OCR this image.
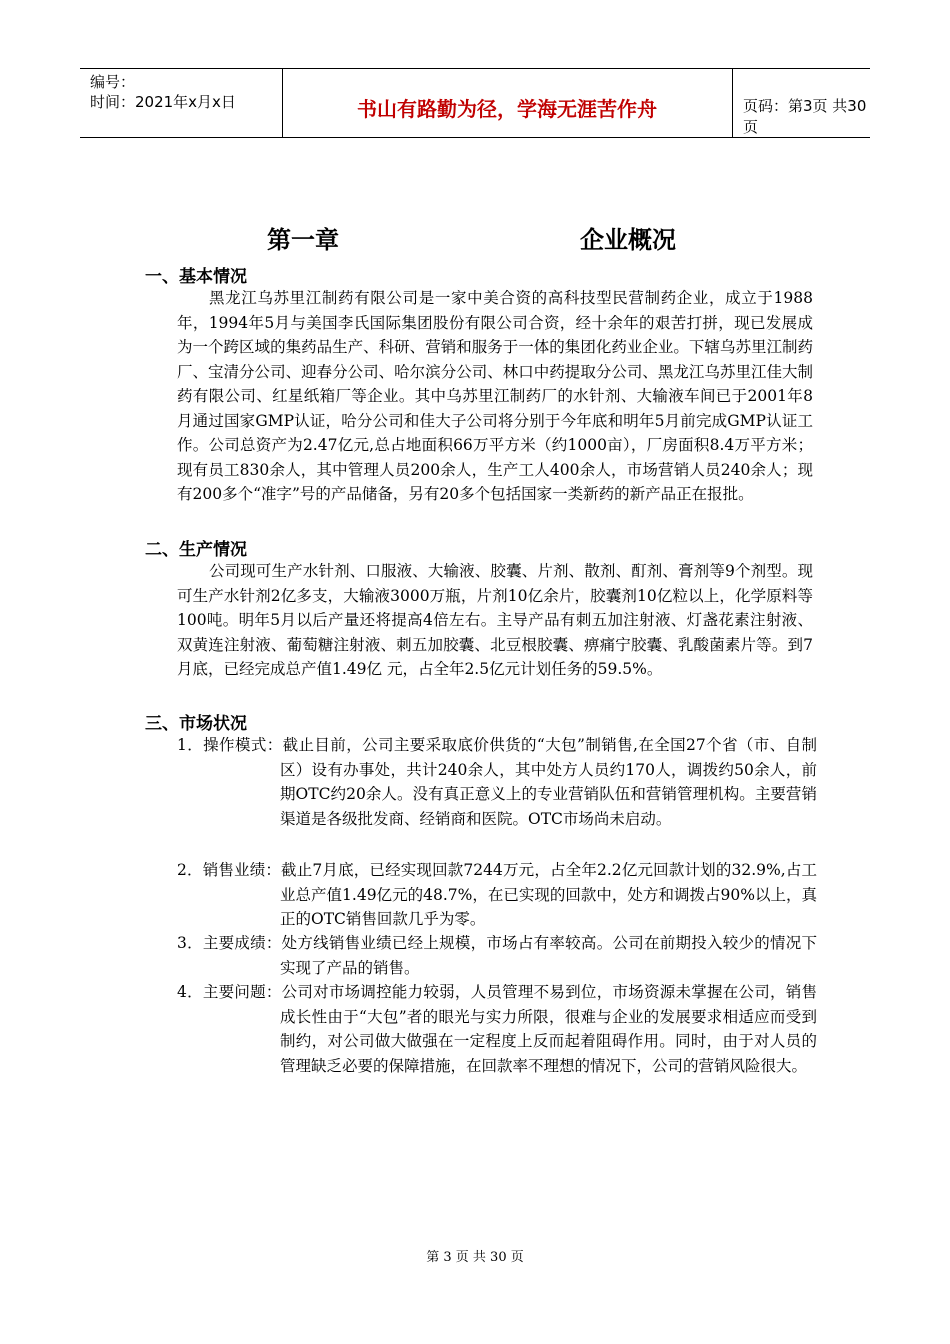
编号：
时间：2021年x月x日	书山有路勤为径，学海无涯苦作舟	页码：第3页 共30页
第一章	企业概况
一、基本情况

黑龙江乌苏里江制药有限公司是一家中美合资的高科技型民营制药企业，成立于1988年，1994年5月与美国李氏国际集团股份有限公司合资，经十余年的艰苦打拼，现已发展成为一个跨区域的集药品生产、科研、营销和服务于一体的集团化药业企业。下辖乌苏里江制药厂、宝清分公司、迎春分公司、哈尔滨分公司、林口中药提取分公司、黑龙江乌苏里江佳大制药有限公司、红星纸箱厂等企业。其中乌苏里江制药厂的水针剂、大输液车间已于2001年8月通过国家GMP认证，哈分公司和佳大子公司将分别于今年底和明年5月前完成GMP认证工作。公司总资产为2.47亿元,总占地面积66万平方米（约1000亩），厂房面积8.4万平方米；现有员工830余人，其中管理人员200余人，生产工人400余人，市场营销人员240余人；现有200多个“准字”号的产品储备，另有20多个包括国家一类新药的新产品正在报批。

二、生产情况

公司现可生产水针剂、口服液、大输液、胶囊、片剂、散剂、酊剂、膏剂等9个剂型。现可生产水针剂2亿多支，大输液3000万瓶，片剂10亿余片，胶囊剂10亿粒以上，化学原料等100吨。明年5月以后产量还将提高4倍左右。主导产品有刺五加注射液、灯盏花素注射液、双黄连注射液、葡萄糖注射液、刺五加胶囊、北豆根胶囊、痹痛宁胶囊、乳酸菌素片等。到7月底，已经完成总产值1.49亿 元，占全年2.5亿元计划任务的59.5%。

三、市场状况

1．操作模式：截止目前，公司主要采取底价供货的“大包”制销售,在全国27个省（市、自制区）设有办事处，共计240余人，其中处方人员约170人，调拨约50余人，前期OTC约20余人。没有真正意义上的专业营销队伍和营销管理机构。主要营销渠道是各级批发商、经销商和医院。OTC市场尚未启动。

2．销售业绩：截止7月底，已经实现回款7244万元，占全年2.2亿元回款计划的32.9%,占工业总产值1.49亿元的48.7%，在已实现的回款中，处方和调拨占90%以上，真正的OTC销售回款几乎为零。

3．主要成绩：处方线销售业绩已经上规模，市场占有率较高。公司在前期投入较少的情况下实现了产品的销售。

4．主要问题：公司对市场调控能力较弱，人员管理不易到位，市场资源未掌握在公司，销售成长性由于“大包”者的眼光与实力所限，很难与企业的发展要求相适应而受到制约，对公司做大做强在一定程度上反而起着阻碍作用。同时，由于对人员的管理缺乏必要的保障措施，在回款率不理想的情况下，公司的营销风险很大。

第 3 页 共 30 页
